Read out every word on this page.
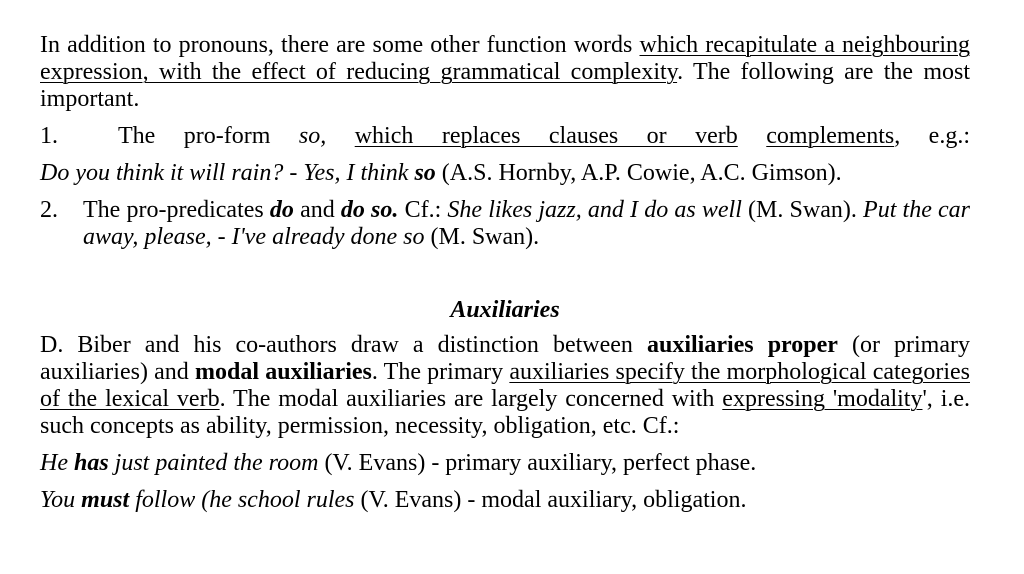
In addition to pronouns, there are some other function words which recapitulate a neighbouring expression, with the effect of reducing grammatical complexity. The following are the most important.

1.	The pro-form so, which replaces clauses or verb complements, e.g.:

Do you think it will rain? - Yes, I think so (A.S. Hornby, A.P. Cowie, A.C. Gimson).

2.	The pro-predicates do and do so. Cf.: She likes jazz, and I do as well (M. Swan). Put the car away, please, - I've already done so (M. Swan).
Auxiliaries

D. Biber and his co-authors draw a distinction between auxiliaries proper (or primary auxiliaries) and modal auxiliaries. The primary auxiliaries specify the morphological categories of the lexical verb. The modal auxiliaries are largely concerned with expressing 'modality', i.e. such concepts as ability, permission, necessity, obligation, etc. Cf.:

He has just painted the room (V. Evans) - primary auxiliary, perfect phase.

You must follow (he school rules (V. Evans) - modal auxiliary, obligation.
